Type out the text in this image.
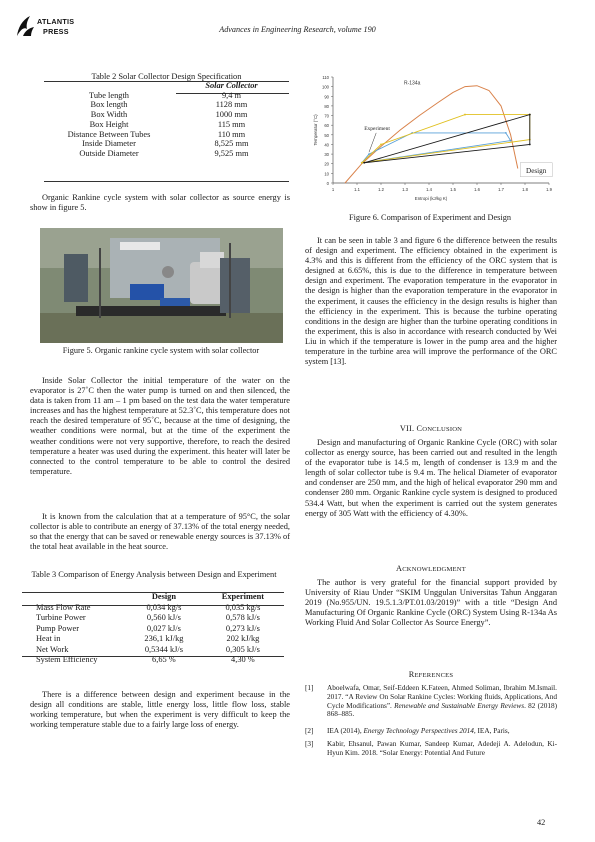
ATLANTIS
PRESS	Advances in Engineering Research, volume 190
Table 2 Solar Collector Design Specification
	Solar Collector
Tube length	9,4 m
Box length	1128 mm
Box Width	1000 mm
Box Height	115 mm
Distance Between Tubes	110 mm
Inside Diameter	8,525 mm
Outside Diameter	9,525 mm
Organic Rankine cycle system with solar collector as source energy is show in figure 5.
Figure 5. Organic rankine cycle system with solar collector
Inside Solar Collector the initial temperature of the water on the evaporator is 27˚C then the water pump is turned on and then silenced, the data is taken from 11 am – 1 pm based on the test data the water temperature increases and has the highest temperature at 52.3˚C, this temperature does not reach the desired temperature of 95˚C, because at the time of designing, the weather conditions were normal, but at the time of the experiment the weather conditions were not very supportive, therefore, to reach the desired temperature a heater was used during the experiment. this heater will later be connected to the control temperature to be able to control the desired temperature.
It is known from the calculation that at a temperature of 95°C, the solar collector is able to contribute an energy of 37.13% of the total energy needed, so that the energy that can be saved or renewable energy sources is 37.13% of the total heat available in the heat source.
Table 3 Comparison of Energy Analysis between Design and Experiment
	Design	Experiment
Mass Flow Rate	0,034 kg/s	0,035 kg/s
Turbine Power	0,560 kJ/s	0,578 kJ/s
Pump Power	0,027 kJ/s	0,273 kJ/s
Heat in	236,1 kJ/kg	202 kJ/kg
Net Work	0,5344 kJ/s	0,305 kJ/s
System Efficiency	6,65 %	4,30 %
There is a difference between design and experiment because in the design all conditions are stable, little energy loss, little flow loss, stable working temperature, but when the experiment is very difficult to keep the working temperature stable due to a fairly large loss of energy.
0
10
20
30
40
50
60
70
80
90
100
110
1	1.1	1.2	1.3	1.4	1.5	1.6	1.7	1.8	1.9
Entropi (kJ/kg K)
Temperatur (°C)
R-134a
Experiment
Design
Figure 6. Comparison of Experiment and Design
It can be seen in table 3 and figure 6 the difference between the results of design and experiment. The efficiency obtained in the experiment is 4.3% and this is different from the efficiency of the ORC system that is designed at 6.65%, this is due to the difference in temperature between design and experiment. The evaporation temperature in the evaporator in the design is higher than the evaporation temperature in the evaporator in the experiment, it causes the efficiency in the design results is higher than the efficiency in the experiment. This is because the turbine operating conditions in the design are higher than the turbine operating conditions in the experiment, this is also in accordance with research conducted by Wei Liu in which if the temperature is lower in the pump area and the higher temperature in the turbine area will improve the performance of the ORC system [13].
VII. CONCLUSION
Design and manufacturing of Organic Rankine Cycle (ORC) with solar collector as energy source, has been carried out and resulted in the length of the evaporator tube is 14.5 m, length of condenser is 13.9 m and the length of solar collector tube is 9.4 m. The helical Diameter of evaporator and condenser are 250 mm, and the high of helical evaporator 290 mm and condenser 280 mm. Organic Rankine cycle system is designed to produced 534.4 Watt, but when the experiment is carried out the system generates energy of 305 Watt with the efficiency of 4.30%.
ACKNOWLEDGMENT
The author is very grateful for the financial support provided by University of Riau Under “SKIM Unggulan Universitas Tahun Anggaran 2019 (No.955/UN. 19.5.1.3/PT.01.03/2019)” with a title “Design And Manufacturing Of Organic Rankine Cycle (ORC) System Using R-134a As Working Fluid And Solar Collector As Source Energy”.
REFERENCES
[1] Aboelwafa, Omar, Seif-Eddeen K.Fateen, Ahmed Soliman, Ibrahim M.Ismail. 2017. “A Review On Solar Rankine Cycles: Working fluids, Applications, And Cycle Modifications”. Renewable and Sustainable Energy Reviews. 82 (2018) 868–885.
[2] IEA (2014), Energy Technology Perspectives 2014, IEA, Paris,
[3] Kabir, Ehsanul, Pawan Kumar, Sandeep Kumar, Adedeji A. Adelodun, Ki-Hyun Kim. 2018. “Solar Energy: Potential And Future
42
